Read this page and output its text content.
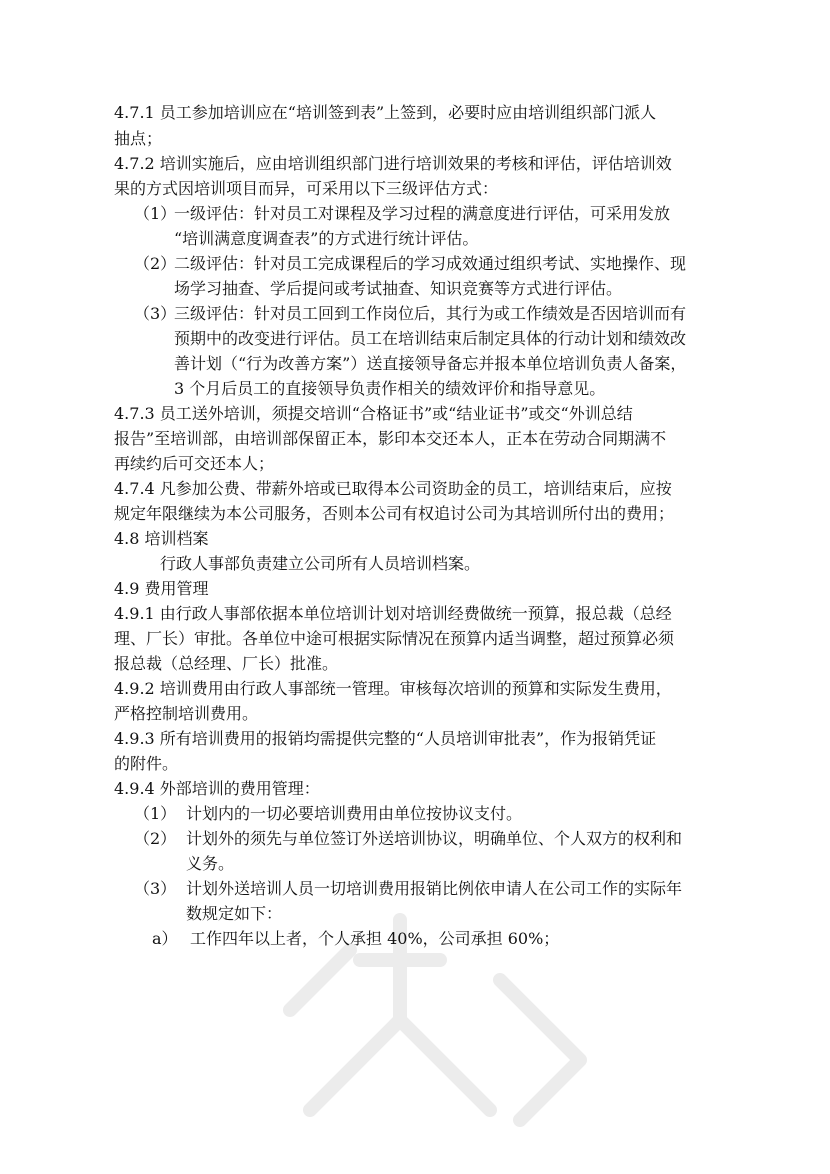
4.7.1 员工参加培训应在“培训签到表”上签到，必要时应由培训组织部门派人
抽点；
4.7.2 培训实施后，应由培训组织部门进行培训效果的考核和评估，评估培训效
果的方式因培训项目而异，可采用以下三级评估方式：
（1）
一级评估：针对员工对课程及学习过程的满意度进行评估，可采用发放
“培训满意度调查表”的方式进行统计评估。
（2）
二级评估：针对员工完成课程后的学习成效通过组织考试、实地操作、现
场学习抽查、学后提问或考试抽查、知识竞赛等方式进行评估。
（3）
三级评估：针对员工回到工作岗位后，其行为或工作绩效是否因培训而有
预期中的改变进行评估。员工在培训结束后制定具体的行动计划和绩效改
善计划（“行为改善方案”）送直接领导备忘并报本单位培训负责人备案，
3 个月后员工的直接领导负责作相关的绩效评价和指导意见。
4.7.3 员工送外培训，须提交培训“合格证书”或“结业证书”或交“外训总结
报告”至培训部，由培训部保留正本，影印本交还本人，正本在劳动合同期满不
再续约后可交还本人；
4.7.4 凡参加公费、带薪外培或已取得本公司资助金的员工，培训结束后，应按
规定年限继续为本公司服务，否则本公司有权追讨公司为其培训所付出的费用；
4.8 培训档案
行政人事部负责建立公司所有人员培训档案。
4.9 费用管理
4.9.1 由行政人事部依据本单位培训计划对培训经费做统一预算，报总裁（总经
理、厂长）审批。各单位中途可根据实际情况在预算内适当调整，超过预算必须
报总裁（总经理、厂长）批准。
4.9.2 培训费用由行政人事部统一管理。审核每次培训的预算和实际发生费用，
严格控制培训费用。
4.9.3 所有培训费用的报销均需提供完整的“人员培训审批表”，作为报销凭证
的附件。
4.9.4 外部培训的费用管理：
（1） 计划内的一切必要培训费用由单位按协议支付。
（2） 计划外的须先与单位签订外送培训协议，明确单位、个人双方的权利和
义务。
（3） 计划外送培训人员一切培训费用报销比例依申请人在公司工作的实际年
数规定如下：
a） 工作四年以上者，个人承担 40%，公司承担 60%；
